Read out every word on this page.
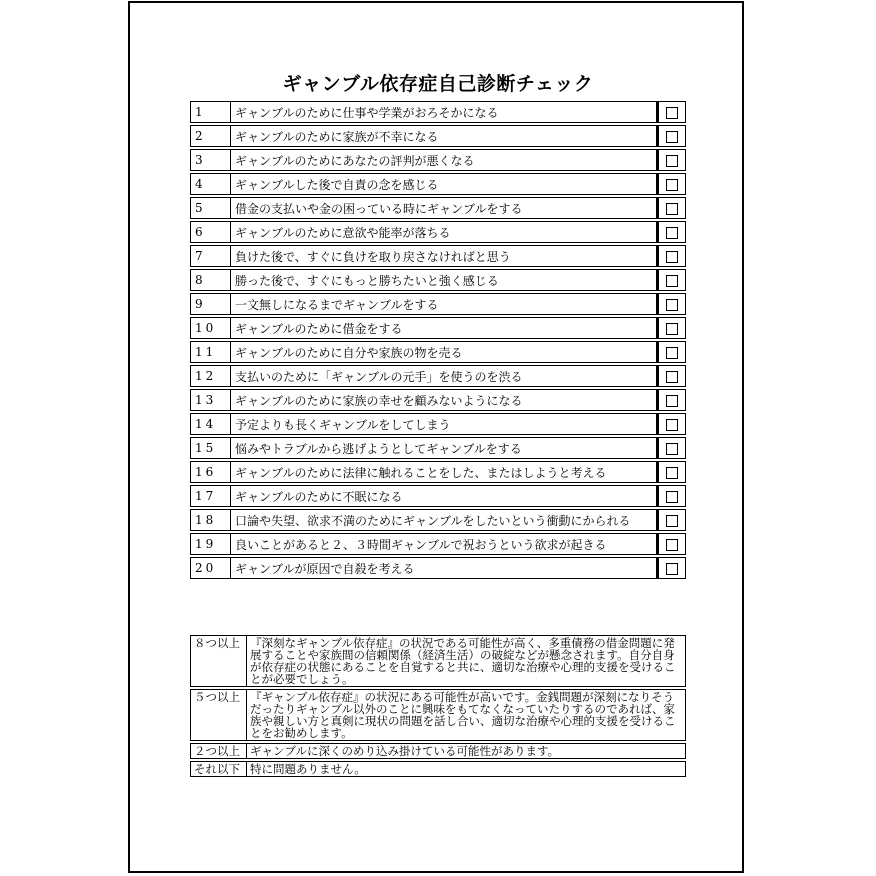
ギャンブル依存症自己診断チェック
1	ギャンブルのために仕事や学業がおろそかになる	
2	ギャンブルのために家族が不幸になる	
3	ギャンブルのためにあなたの評判が悪くなる	
4	ギャンブルした後で自責の念を感じる	
5	借金の支払いや金の困っている時にギャンブルをする	
6	ギャンブルのために意欲や能率が落ちる	
7	負けた後で、すぐに負けを取り戻さなければと思う	
8	勝った後で、すぐにもっと勝ちたいと強く感じる	
9	一文無しになるまでギャンブルをする	
10	ギャンブルのために借金をする	
11	ギャンブルのために自分や家族の物を売る	
12	支払いのために「ギャンブルの元手」を使うのを渋る	
13	ギャンブルのために家族の幸せを顧みないようになる	
14	予定よりも長くギャンブルをしてしまう	
15	悩みやトラブルから逃げようとしてギャンブルをする	
16	ギャンブルのために法律に触れることをした、またはしようと考える	
17	ギャンブルのために不眠になる	
18	口論や失望、欲求不満のためにギャンブルをしたいという衝動にかられる	
19	良いことがあると２、３時間ギャンブルで祝おうという欲求が起きる	
20	ギャンブルが原因で自殺を考える	
８つ以上	『深刻なギャンブル依存症』の状況である可能性が高く、多重債務の借金問題に発展することや家族間の信頼関係（経済生活）の破綻などが懸念されます。自分自身が依存症の状態にあることを自覚すると共に、適切な治療や心理的支援を受けることが必要でしょう。
５つ以上	『ギャンブル依存症』の状況にある可能性が高いです。金銭問題が深刻になりそうだったりギャンブル以外のことに興味をもてなくなっていたりするのであれば、家族や親しい方と真剣に現状の問題を話し合い、適切な治療や心理的支援を受けることをお勧めします。
２つ以上	ギャンブルに深くのめり込み掛けている可能性があります。
それ以下	特に問題ありません。
